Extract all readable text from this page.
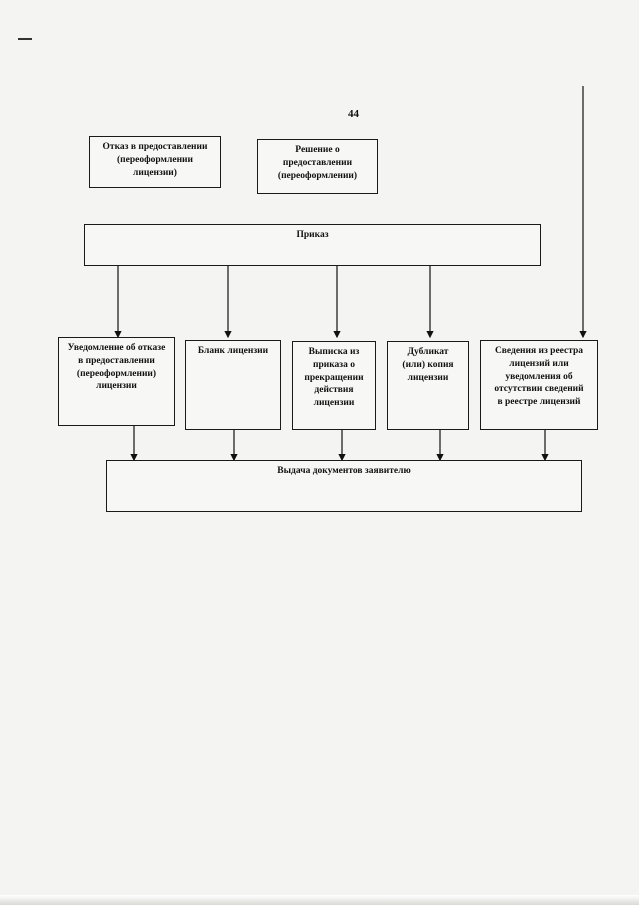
44
Отказ в предоставлении
(переоформлении
лицензии)
Решение о
предоставлении
(переоформлении)
Приказ
Уведомление об отказе
в предоставлении
(переоформлении)
лицензии
Бланк лицензии	Выписка из
приказа о
прекращении
действия
лицензии
Дубликат
(или) копия
лицензии
Сведения из реестра
лицензий или
уведомления об
отсутствии сведений
в реестре лицензий
Выдача документов заявителю
